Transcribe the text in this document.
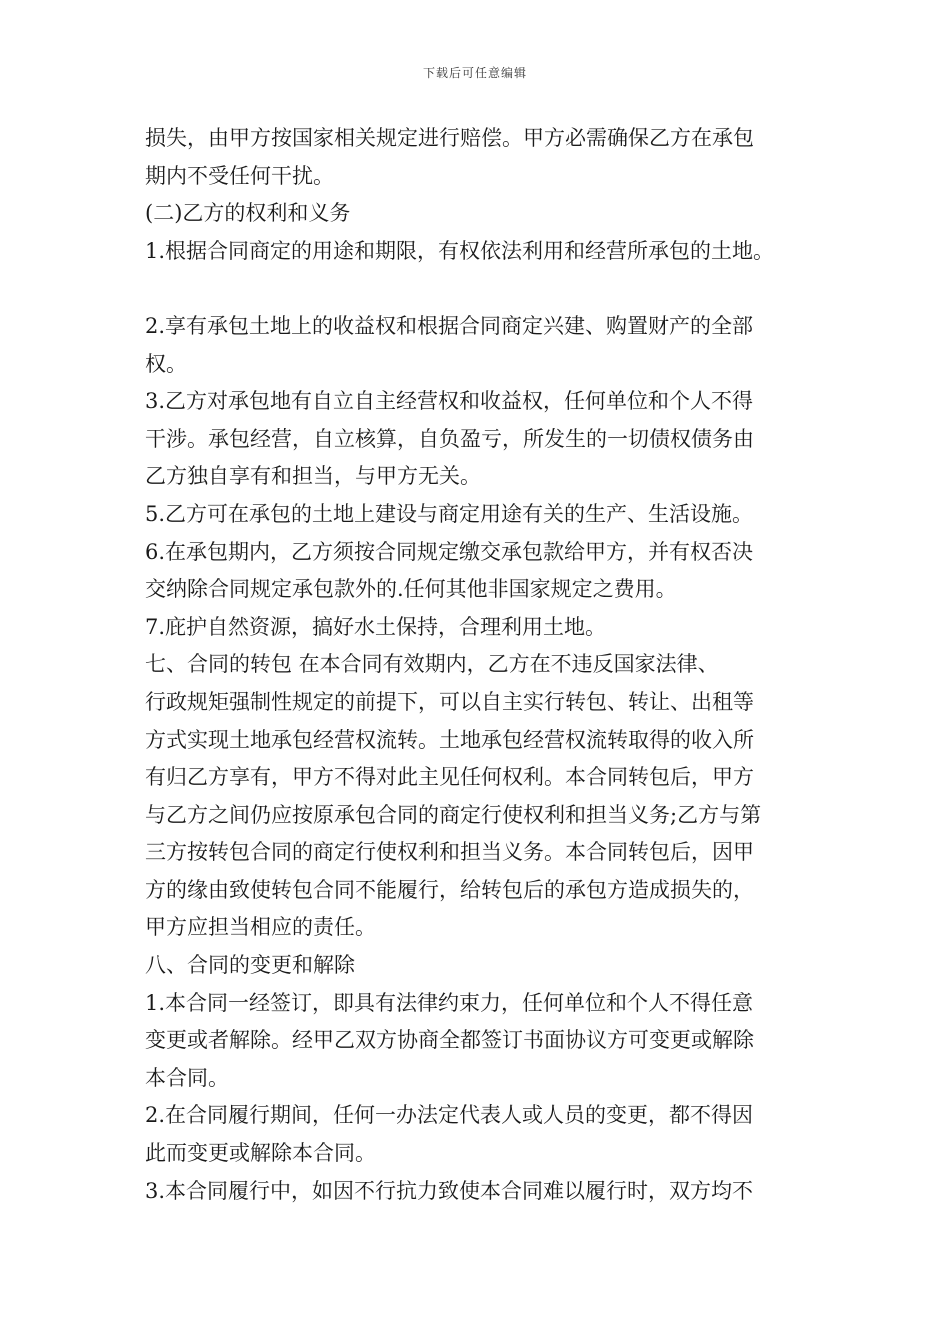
下载后可任意编辑
损失，由甲方按国家相关规定进行赔偿。甲方必需确保乙方在承包
期内不受任何干扰。
(二)乙方的权利和义务
1.根据合同商定的用途和期限，有权依法利用和经营所承包的土地。
2.享有承包土地上的收益权和根据合同商定兴建、购置财产的全部
权。
3.乙方对承包地有自立自主经营权和收益权，任何单位和个人不得
干涉。承包经营，自立核算，自负盈亏，所发生的一切债权债务由
乙方独自享有和担当，与甲方无关。
5.乙方可在承包的土地上建设与商定用途有关的生产、生活设施。
6.在承包期内，乙方须按合同规定缴交承包款给甲方，并有权否决
交纳除合同规定承包款外的.任何其他非国家规定之费用。
7.庇护自然资源，搞好水土保持，合理利用土地。
七、合同的转包 在本合同有效期内，乙方在不违反国家法律、
行政规矩强制性规定的前提下，可以自主实行转包、转让、出租等
方式实现土地承包经营权流转。土地承包经营权流转取得的收入所
有归乙方享有，甲方不得对此主见任何权利。本合同转包后，甲方
与乙方之间仍应按原承包合同的商定行使权利和担当义务;乙方与第
三方按转包合同的商定行使权利和担当义务。本合同转包后，因甲
方的缘由致使转包合同不能履行，给转包后的承包方造成损失的，
甲方应担当相应的责任。
八、合同的变更和解除
1.本合同一经签订，即具有法律约束力，任何单位和个人不得任意
变更或者解除。经甲乙双方协商全都签订书面协议方可变更或解除
本合同。
2.在合同履行期间，任何一办法定代表人或人员的变更，都不得因
此而变更或解除本合同。
3.本合同履行中，如因不行抗力致使本合同难以履行时，双方均不
